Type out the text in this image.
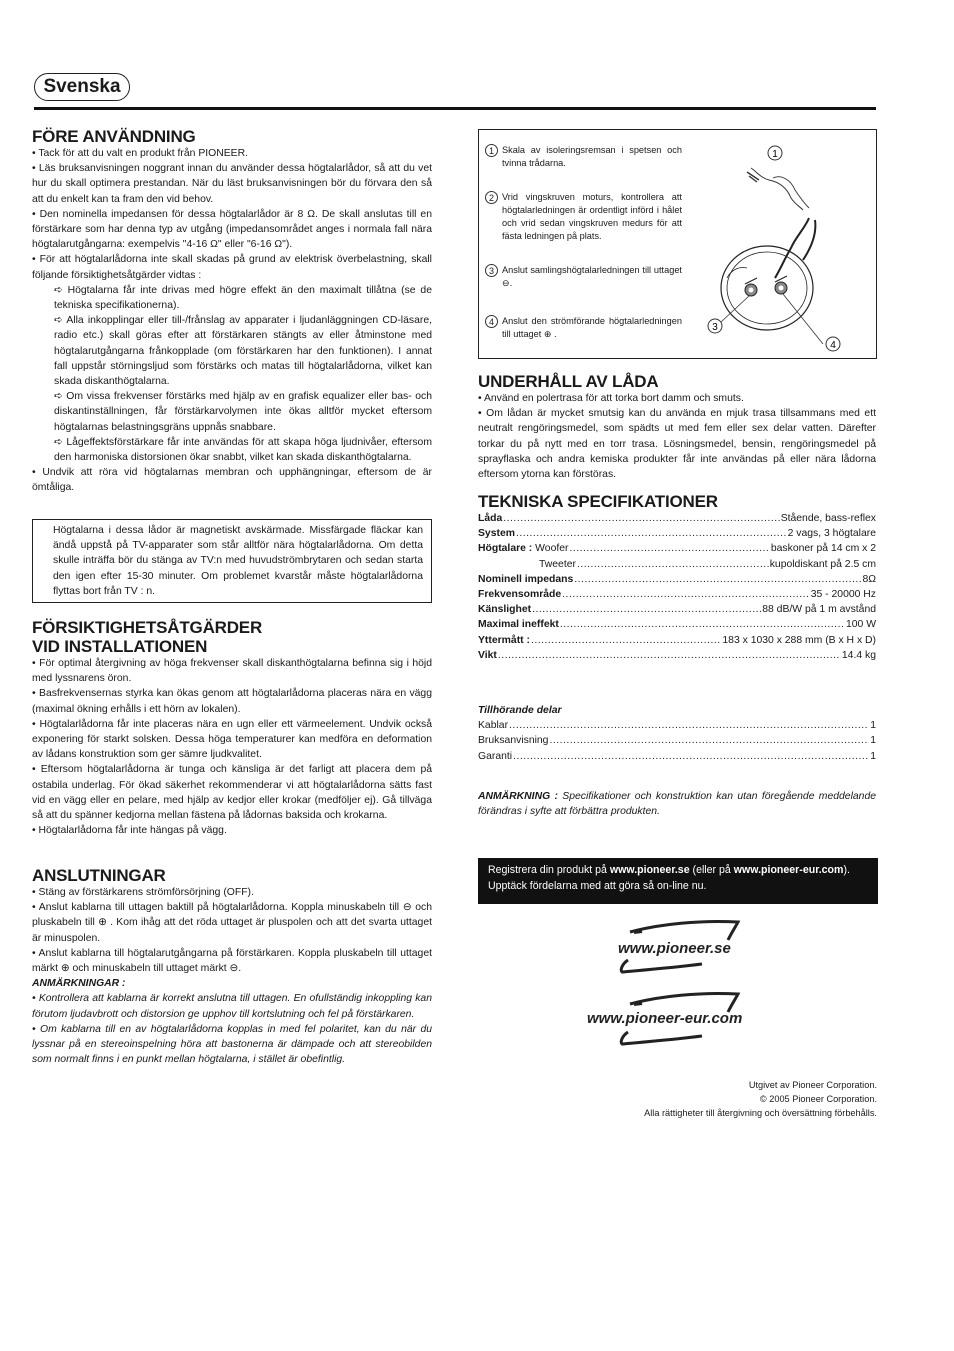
Svenska
FÖRE ANVÄNDNING

• Tack för att du valt en produkt från PIONEER.

• Läs bruksanvisningen noggrant innan du använder dessa högtalarlådor, så att du vet hur du skall optimera prestandan. När du läst bruksanvisningen bör du förvara den så att du enkelt kan ta fram den vid behov.

• Den nominella impedansen för dessa högtalarlådor är 8 Ω. De skall anslutas till en förstärkare som har denna typ av utgång (impedansområdet anges i normala fall nära högtalarutgångarna: exempelvis "4-16 Ω" eller "6-16 Ω").

• För att högtalarlådorna inte skall skadas på grund av elektrisk överbelastning, skall följande försiktighetsåtgärder vidtas :

➪ Högtalarna får inte drivas med högre effekt än den maximalt tillåtna (se de tekniska specifikationerna).

➪ Alla inkopplingar eller till-/frånslag av apparater i ljudanläggningen CD-läsare, radio etc.) skall göras efter att förstärkaren stängts av eller åtminstone med högtalarutgångarna frånkopplade (om förstärkaren har den funktionen). I annat fall uppstår störningsljud som förstärks och matas till högtalarlådorna, vilket kan skada diskanthögtalarna.

➪ Om vissa frekvenser förstärks med hjälp av en grafisk equalizer eller bas- och diskantinställningen, får förstärkarvolymen inte ökas alltför mycket eftersom högtalarnas belastningsgräns uppnås snabbare.

➪ Lågeffektsförstärkare får inte användas för att skapa höga ljudnivåer, eftersom den harmoniska distorsionen ökar snabbt, vilket kan skada diskanthögtalarna.

• Undvik att röra vid högtalarnas membran och upphängningar, eftersom de är ömtåliga.

Högtalarna i dessa lådor är magnetiskt avskärmade. Missfärgade fläckar kan ändå uppstå på TV-apparater som står alltför nära högtalarlådorna. Om detta skulle inträffa bör du stänga av TV:n med huvudströmbrytaren och sedan starta den igen efter 15-30 minuter. Om problemet kvarstår måste högtalarlådorna flyttas bort från TV : n.

FÖRSIKTIGHETSÅTGÄRDER
VID INSTALLATIONEN

• För optimal återgivning av höga frekvenser skall diskanthögtalarna befinna sig i höjd med lyssnarens öron.

• Basfrekvensernas styrka kan ökas genom att högtalarlådorna placeras nära en vägg (maximal ökning erhålls i ett hörn av lokalen).

• Högtalarlådorna får inte placeras nära en ugn eller ett värmeelement. Undvik också exponering för starkt solsken. Dessa höga temperaturer kan medföra en deformation av lådans konstruktion som ger sämre ljudkvalitet.

• Eftersom högtalarlådorna är tunga och känsliga är det farligt att placera dem på ostabila underlag. För ökad säkerhet rekommenderar vi att högtalarlådorna sätts fast vid en vägg eller en pelare, med hjälp av kedjor eller krokar (medföljer ej). Gå tillväga så att du spänner kedjorna mellan fästena på lådornas baksida och krokarna.

• Högtalarlådorna får inte hängas på vägg.

ANSLUTNINGAR

• Stäng av förstärkarens strömförsörjning (OFF).

• Anslut kablarna till uttagen baktill på högtalarlådorna. Koppla minuskabeln till ⊖ och pluskabeln till ⊕ . Kom ihåg att det röda uttaget är pluspolen och att det svarta uttaget är minuspolen.

• Anslut kablarna till högtalarutgångarna på förstärkaren. Koppla pluskabeln till uttaget märkt ⊕ och minuskabeln till uttaget märkt ⊖.

ANMÄRKNINGAR :

• Kontrollera att kablarna är korrekt anslutna till uttagen. En ofullständig inkoppling kan förutom ljudavbrott och distorsion ge upphov till kortslutning och fel på förstärkaren.

• Om kablarna till en av högtalarlådorna kopplas in med fel polaritet, kan du när du lyssnar på en stereoinspelning höra att bastonerna är dämpade och att stereobilden som normalt finns i en punkt mellan högtalarna, i stället är obefintlig.

1 Skala av isoleringsremsan i spetsen och tvinna trådarna.
2 Vrid vingskruven moturs, kontrollera att högtalarledningen är ordentligt införd i hålet och vrid sedan vingskruven medurs för att fästa ledningen på plats.
3 Anslut samlingshögtalarledningen till uttaget ⊖.
4 Anslut den strömförande högtalarledningen till uttaget ⊕ .
1
3
4
UNDERHÅLL AV LÅDA

• Använd en polertrasa för att torka bort damm och smuts.

• Om lådan är mycket smutsig kan du använda en mjuk trasa tillsammans med ett neutralt rengöringsmedel, som spädts ut med fem eller sex delar vatten. Därefter torkar du på nytt med en torr trasa. Lösningsmedel, bensin, rengöringsmedel på sprayflaska och andra kemiska produkter får inte användas på eller nära lådorna eftersom ytorna kan förstöras.

TEKNISKA SPECIFIKATIONER
Låda .....	Stående, bass-reflex
System .....	2 vags, 3 högtalare
Högtalare :
Woofer .....	baskoner på 14 cm x 2
Tweeter .....	kupoldiskant på 2.5 cm
Nominell impedans .....	8Ω
Frekvensområde .....	35 - 20000 Hz
Känslighet .....	88 dB/W på 1 m avstånd
Maximal ineffekt .....	100 W
Yttermått : .....	183 x 1030 x 288 mm (B x H x D)
Vikt .....	14.4 kg

Tillhörande delar

Kablar .....	1
Bruksanvisning .....	1
Garanti .....	1

ANMÄRKNING : Specifikationer och konstruktion kan utan föregående meddelande förändras i syfte att förbättra produkten.

Registrera din produkt på www.pioneer.se (eller på www.pioneer-eur.com).
Upptäck fördelarna med att göra så on-line nu.
www.pioneer.se
www.pioneer-eur.com
Utgivet av Pioneer Corporation.
© 2005 Pioneer Corporation.
Alla rättigheter till återgivning och översättning förbehålls.
